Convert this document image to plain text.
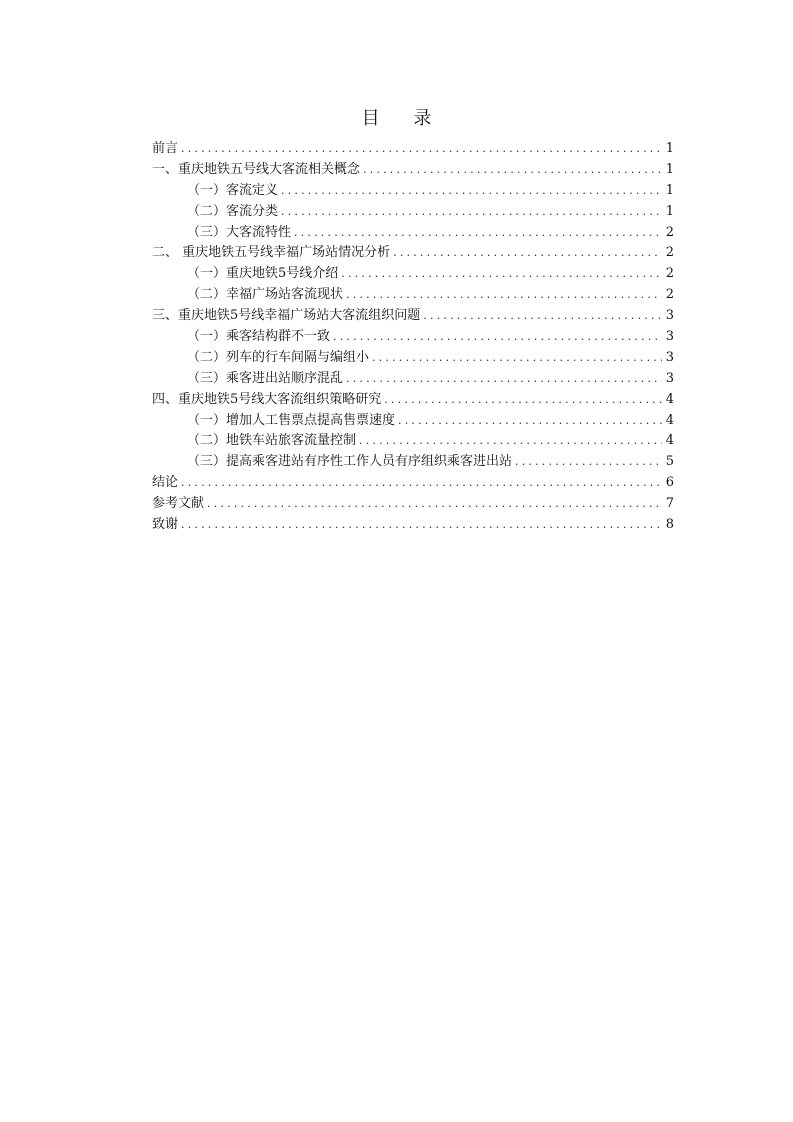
目 录
前言 .....	1
一、重庆地铁五号线大客流相关概念 .....	1
（一）客流定义 .....	1
（二）客流分类 .....	1
（三）大客流特性 .....	2
二、 重庆地铁五号线幸福广场站情况分析 .....	2
（一）重庆地铁5号线介绍 .....	2
（二）幸福广场站客流现状 .....	2
三、重庆地铁5号线幸福广场站大客流组织问题 .....	3
（一）乘客结构群不一致 .....	3
（二）列车的行车间隔与编组小 .....	3
（三）乘客进出站顺序混乱 .....	3
四、重庆地铁5号线大客流组织策略研究 .....	4
（一）增加人工售票点提高售票速度 .....	4
（二）地铁车站旅客流量控制 .....	4
（三）提高乘客进站有序性工作人员有序组织乘客进出站 .....	5
结论 .....	6
参考文献 .....	7
致谢 .....	8
